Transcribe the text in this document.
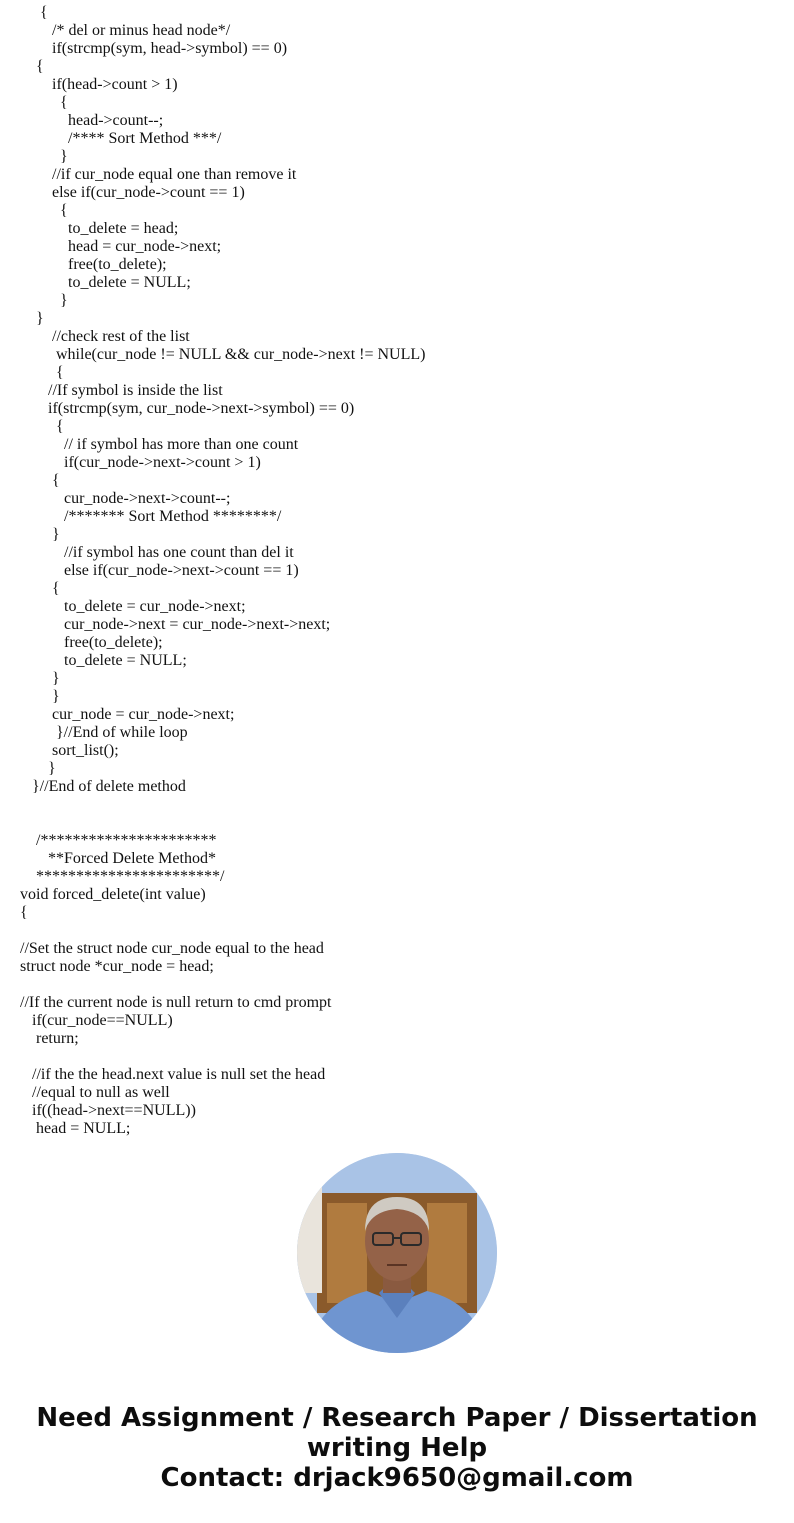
{
/* del or minus head node*/
if(strcmp(sym, head->symbol) == 0)
{
if(head->count > 1)
{
head->count--;
/**** Sort Method ***/
}
//if cur_node equal one than remove it
else if(cur_node->count == 1)
{
to_delete = head;
head = cur_node->next;
free(to_delete);
to_delete = NULL;
}
}
//check rest of the list
while(cur_node != NULL && cur_node->next != NULL)
{
//If symbol is inside the list
if(strcmp(sym, cur_node->next->symbol) == 0)
{
// if symbol has more than one count
if(cur_node->next->count > 1)
{
cur_node->next->count--;
/******* Sort Method ********/
}
//if symbol has one count than del it
else if(cur_node->next->count == 1)
{
to_delete = cur_node->next;
cur_node->next = cur_node->next->next;
free(to_delete);
to_delete = NULL;
}
}
cur_node = cur_node->next;
}//End of while loop
sort_list();
}
}//End of delete method
/**********************
**Forced Delete Method*
***********************/
void forced_delete(int value)
{
//Set the struct node cur_node equal to the head
struct node *cur_node = head;
//If the current node is null return to cmd prompt
if(cur_node==NULL)
return;
//if the the head.next value is null set the head
//equal to null as well
if((head->next==NULL))
head = NULL;
Need Assignment / Research Paper / Dissertation
writing Help
Contact: drjack9650@gmail.com
